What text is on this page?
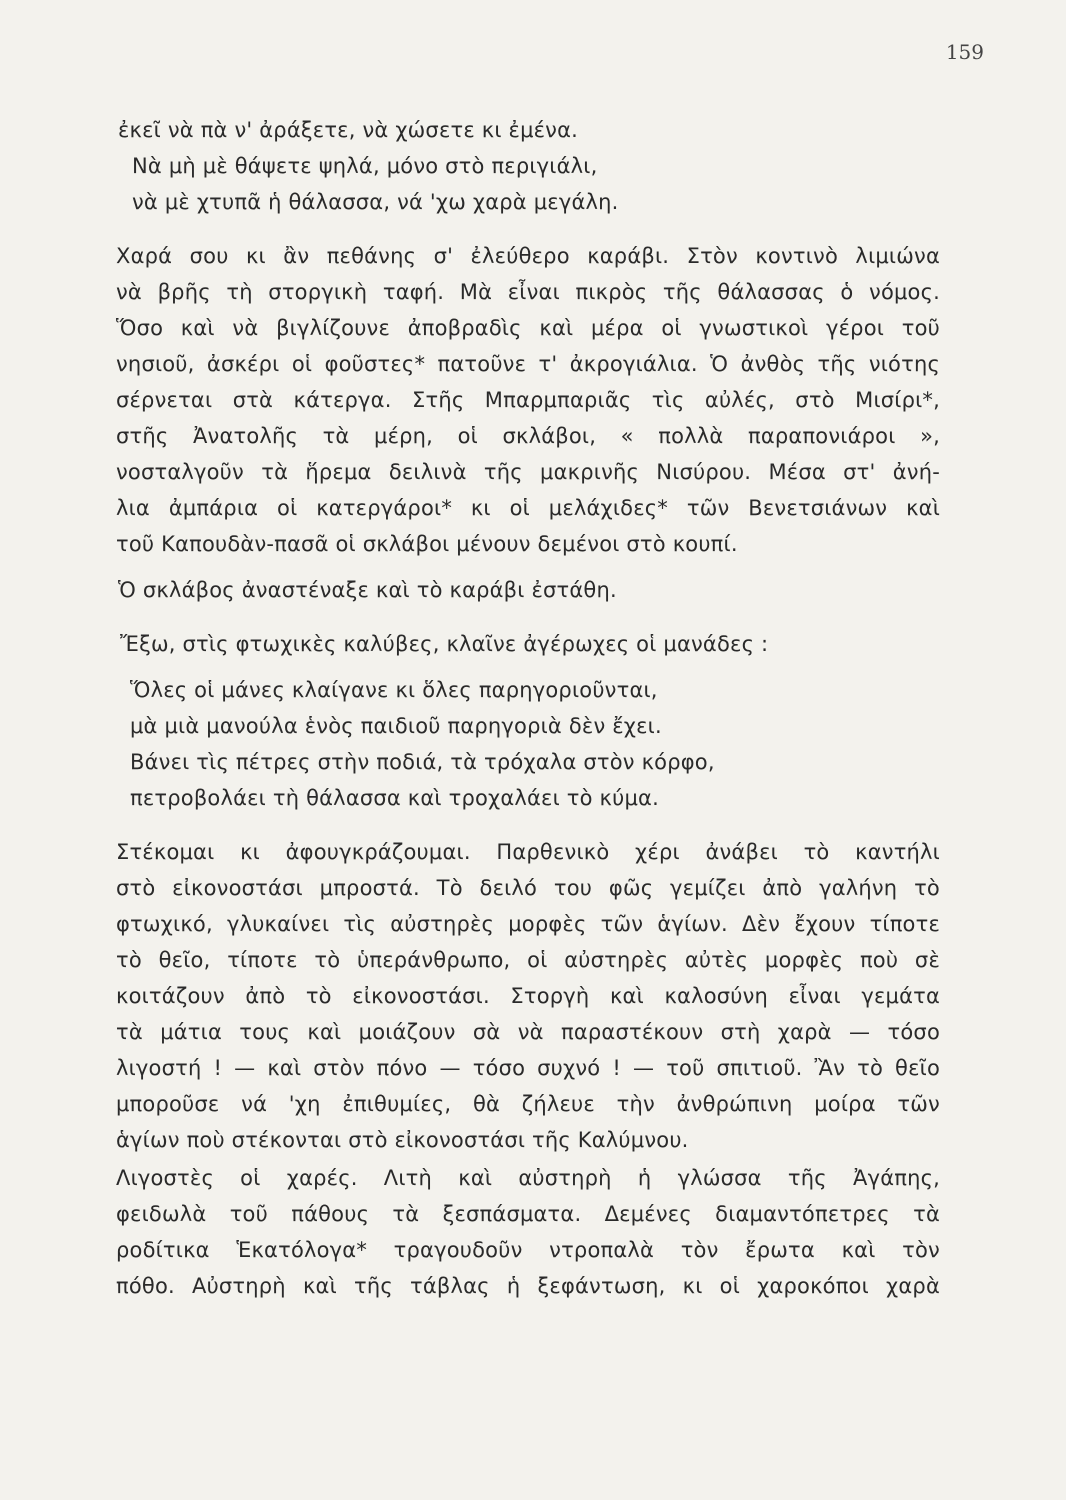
159
ἐκεῖ νὰ πὰ ν' ἀράξετε, νὰ χώσετε κι ἐμένα.
Νὰ μὴ μὲ θάψετε ψηλά, μόνο στὸ περιγιάλι,
νὰ μὲ χτυπᾶ ἡ θάλασσα, νά 'χω χαρὰ μεγάλη.
Χαρά σου κι ἂν πεθάνης σ' ἐλεύθερο καράβι. Στὸν κοντινὸ λιμιώνα
νὰ βρῆς τὴ στοργικὴ ταφή. Μὰ εἶναι πικρὸς τῆς θάλασσας ὁ νόμος.
Ὅσο καὶ νὰ βιγλίζουνε ἀποβραδὶς καὶ μέρα οἱ γνωστικοὶ γέροι τοῦ
νησιοῦ, ἀσκέρι οἱ φοῦστες* πατοῦνε τ' ἀκρογιάλια. Ὁ ἀνθὸς τῆς νιότης
σέρνεται στὰ κάτεργα. Στῆς Μπαρμπαριᾶς τὶς αὐλές, στὸ Μισίρι*,
στῆς Ἀνατολῆς τὰ μέρη, οἱ σκλάβοι, « πολλὰ παραπονιάροι »,
νοσταλγοῦν τὰ ἥρεμα δειλινὰ τῆς μακρινῆς Νισύρου. Μέσα στ' ἀνή-
λια ἀμπάρια οἱ κατεργάροι* κι οἱ μελάχιδες* τῶν Βενετσιάνων καὶ
τοῦ Καπουδὰν-πασᾶ οἱ σκλάβοι μένουν δεμένοι στὸ κουπί.
Ὁ σκλάβος ἀναστέναξε καὶ τὸ καράβι ἐστάθη.
Ἔξω, στὶς φτωχικὲς καλύβες, κλαῖνε ἀγέρωχες οἱ μανάδες :
Ὅλες οἱ μάνες κλαίγανε κι ὅλες παρηγοριοῦνται,
μὰ μιὰ μανούλα ἑνὸς παιδιοῦ παρηγοριὰ δὲν ἔχει.
Βάνει τὶς πέτρες στὴν ποδιά, τὰ τρόχαλα στὸν κόρφο,
πετροβολάει τὴ θάλασσα καὶ τροχαλάει τὸ κύμα.
Στέκομαι κι ἀφουγκράζουμαι. Παρθενικὸ χέρι ἀνάβει τὸ καντήλι
στὸ εἰκονοστάσι μπροστά. Τὸ δειλό του φῶς γεμίζει ἀπὸ γαλήνη τὸ
φτωχικό, γλυκαίνει τὶς αὐστηρὲς μορφὲς τῶν ἁγίων. Δὲν ἔχουν τίποτε
τὸ θεῖο, τίποτε τὸ ὑπεράνθρωπο, οἱ αὐστηρὲς αὐτὲς μορφὲς ποὺ σὲ
κοιτάζουν ἀπὸ τὸ εἰκονοστάσι. Στοργὴ καὶ καλοσύνη εἶναι γεμάτα
τὰ μάτια τους καὶ μοιάζουν σὰ νὰ παραστέκουν στὴ χαρὰ — τόσο
λιγοστή ! — καὶ στὸν πόνο — τόσο συχνό ! — τοῦ σπιτιοῦ. Ἂν τὸ θεῖο
μποροῦσε νά 'χη ἐπιθυμίες, θὰ ζήλευε τὴν ἀνθρώπινη μοίρα τῶν
ἁγίων ποὺ στέκονται στὸ εἰκονοστάσι τῆς Καλύμνου.
Λιγοστὲς οἱ χαρές. Λιτὴ καὶ αὐστηρὴ ἡ γλώσσα τῆς Ἀγάπης,
φειδωλὰ τοῦ πάθους τὰ ξεσπάσματα. Δεμένες διαμαντόπετρες τὰ
ροδίτικα Ἑκατόλογα* τραγουδοῦν ντροπαλὰ τὸν ἔρωτα καὶ τὸν
πόθο. Αὐστηρὴ καὶ τῆς τάβλας ἡ ξεφάντωση, κι οἱ χαροκόποι χαρὰ
